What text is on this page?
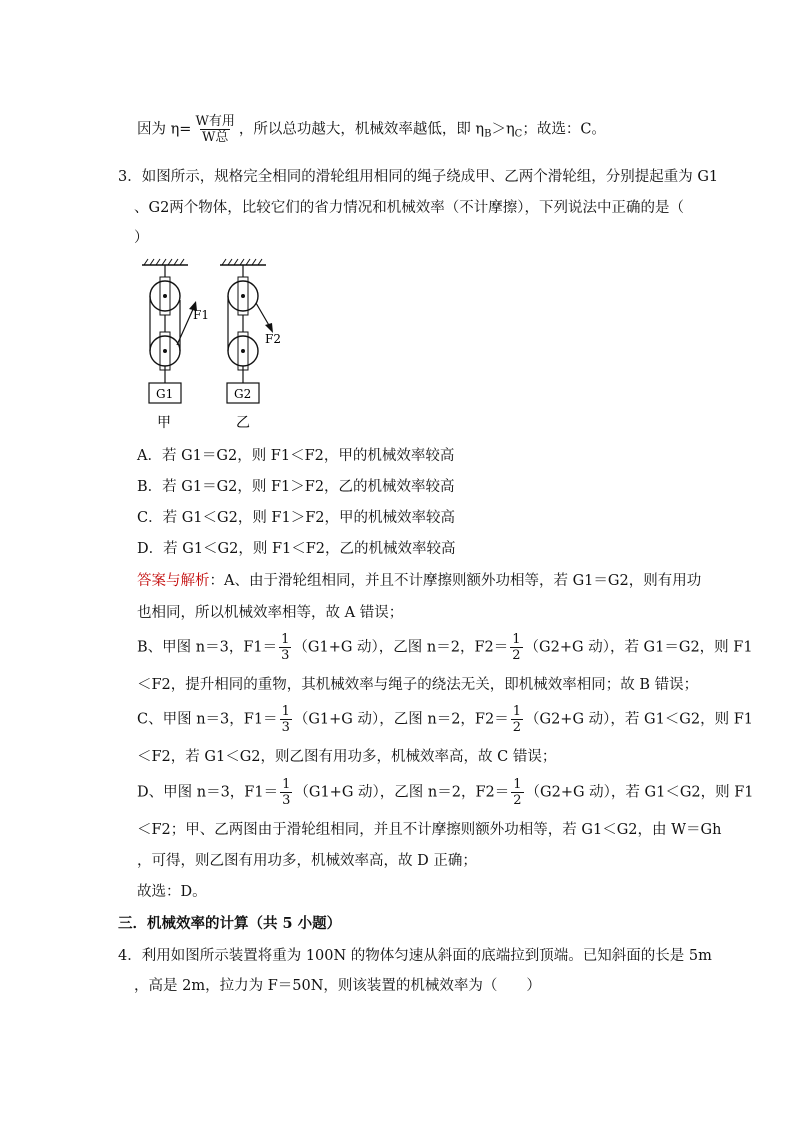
因为 $\eta= \frac{\text{W有用}}{\text{W总}}$ ，所以总功越大，机械效率越低，即 $\eta_B>\eta_C$；故选：C。
3．如图所示，规格完全相同的滑轮组用相同的绳子绕成甲、乙两个滑轮组，分别提起重为 G1
、G2两个物体，比较它们的省力情况和机械效率（不计摩擦），下列说法中正确的是（
）
F1
G1
甲
F2
G2
乙
A．若 G1＝G2，则 F1＜F2，甲的机械效率较高
B．若 G1＝G2，则 F1＞F2，乙的机械效率较高
C．若 G1＜G2，则 F1＞F2，甲的机械效率较高
D．若 G1＜G2，则 F1＜F2，乙的机械效率较高
答案与解析：A、由于滑轮组相同，并且不计摩擦则额外功相等，若 G1＝G2，则有用功
也相同，所以机械效率相等，故 A 错误；
B、甲图 n＝3，$F1= \frac{1}{3} (G1+G$ 动），乙图 n＝2，$F2= \frac{1}{2} (G2+G$ 动），若 G1＝G2，则 F1
＜F2，提升相同的重物，其机械效率与绳子的绕法无关，即机械效率相同；故 B 错误；
C、甲图 n＝3，$F1= \frac{1}{3} (G1+G$ 动），乙图 n＝2，$F2= \frac{1}{2} (G2+G$ 动），若 G1＜G2，则 F1
＜F2，若 G1＜G2，则乙图有用功多，机械效率高，故 C 错误；
D、甲图 n＝3，$F1= \frac{1}{3} (G1+G$ 动），乙图 n＝2，$F2= \frac{1}{2} (G2+G$ 动），若 G1＜G2，则 F1
＜F2；甲、乙两图由于滑轮组相同，并且不计摩擦则额外功相等，若 G1＜G2，由 W＝Gh
，可得，则乙图有用功多，机械效率高，故 D 正确；
故选：D。
三．机械效率的计算（共 5 小题）
4．利用如图所示装置将重为 100N 的物体匀速从斜面的底端拉到顶端。已知斜面的长是 5m
，高是 2m，拉力为 F＝50N，则该装置的机械效率为（　　）
